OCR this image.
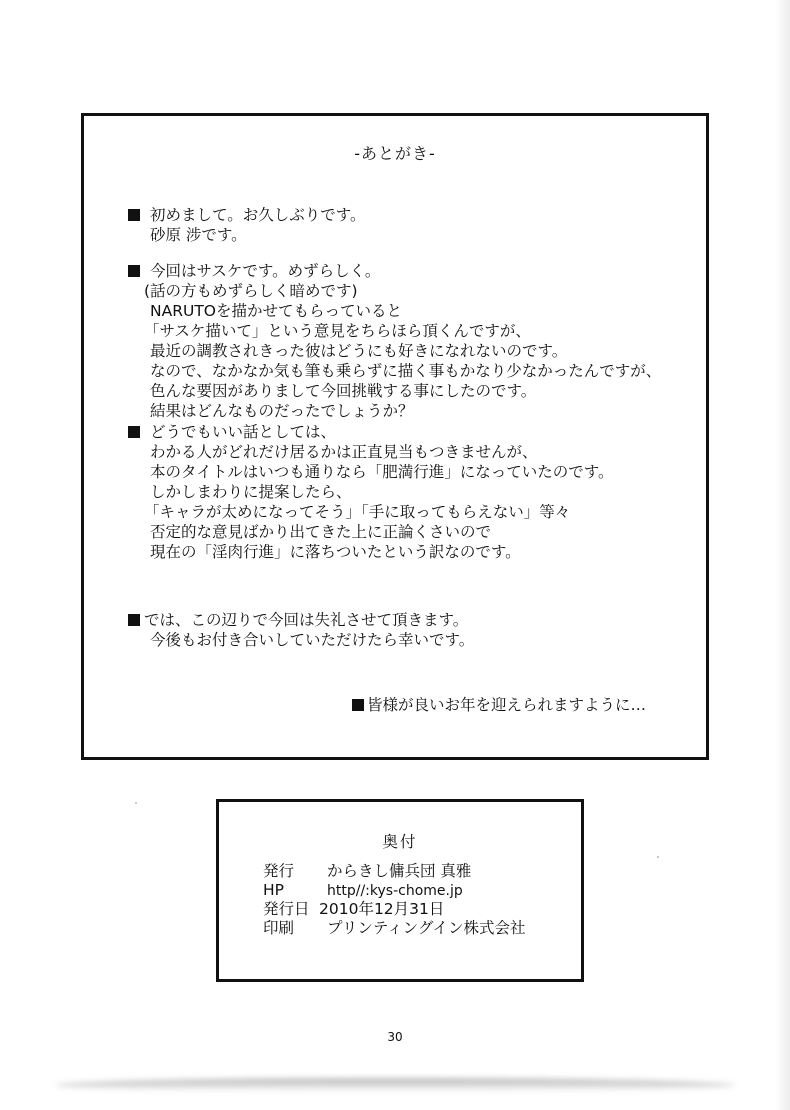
-あとがき-
初めまして。お久しぶりです。
砂原 涉です。
今回はサスケです。めずらしく。
(話の方もめずらしく暗めです)
NARUTOを描かせてもらっていると
「サスケ描いて」という意見をちらほら頂くんですが、
最近の調教されきった彼はどうにも好きになれないのです。
なので、なかなか気も筆も乗らずに描く事もかなり少なかったんですが、
色んな要因がありまして今回挑戦する事にしたのです。
結果はどんなものだったでしょうか？
どうでもいい話としては、
わかる人がどれだけ居るかは正直見当もつきませんが、
本のタイトルはいつも通りなら「肥満行進」になっていたのです。
しかしまわりに提案したら、
「キャラが太めになってそう」「手に取ってもらえない」等々
否定的な意見ばかり出てきた上に正論くさいので
現在の「淫肉行進」に落ちついたという訳なのです。
では、この辺りで今回は失礼させて頂きます。
今後もお付き合いしていただけたら幸いです。
皆様が良いお年を迎えられますように…
奥付
発行 からきし傭兵団 真雅
HP	http//:kys-chome.jp
発行日 2010年12月31日
印刷 プリンティングイン株式会社
30
